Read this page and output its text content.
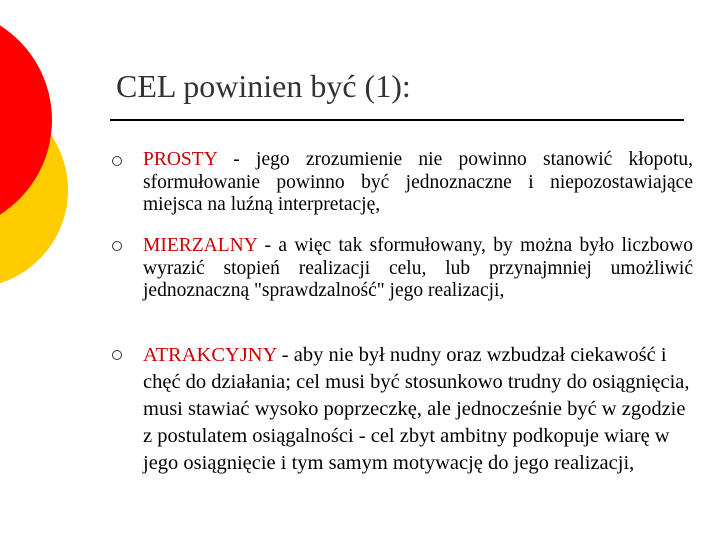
CEL powinien być (1):
PROSTY - jego zrozumienie nie powinno stanowić kłopotu, sformułowanie powinno być jednoznaczne i niepozostawiające miejsca na luźną interpretację,
MIERZALNY - a więc tak sformułowany, by można było liczbowo wyrazić stopień realizacji celu, lub przynajmniej umożliwić jednoznaczną "sprawdzalność" jego realizacji,
ATRAKCYJNY - aby nie był nudny oraz wzbudzał ciekawość i chęć do działania; cel musi być stosunkowo trudny do osiągnięcia, musi stawiać wysoko poprzeczkę, ale jednocześnie być w zgodzie z postulatem osiągalności - cel zbyt ambitny podkopuje wiarę w jego osiągnięcie i tym samym motywację do jego realizacji,
